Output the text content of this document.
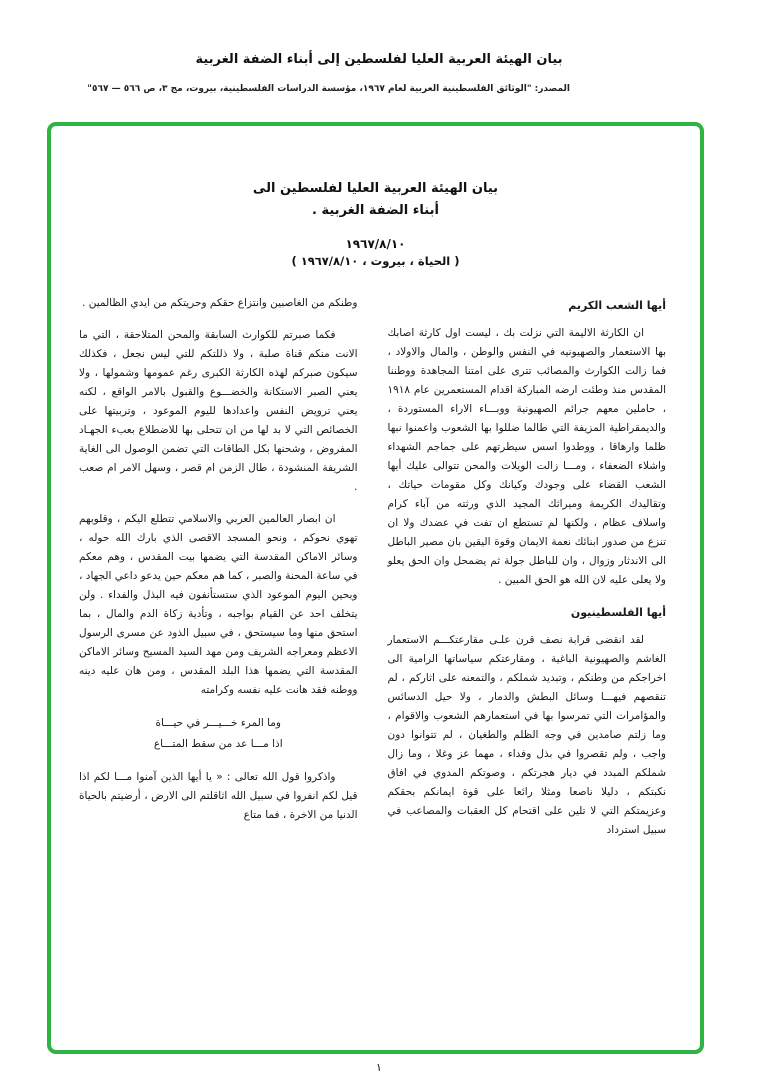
بيان الهيئة العربية العليا لفلسطين إلى أبناء الضفة الغربية
المصدر: "الوثائق الفلسطينية العربية لعام ١٩٦٧، مؤسسة الدراسات الفلسطينية، بيروت، مج ٣، ص ٥٦٦ — ٥٦٧"
بيان الهيئة العربية العليا لفلسطين الى
أبناء الضفة الغربية .
١٩٦٧/٨/١٠
( الحياة ، بيروت ، ١٩٦٧/٨/١٠ )
أيها الشعب الكريم

ان الكارثة الاليمة التي نزلت بك ، ليست اول كارثة اصابك بها الاستعمار والصهيونيه في النفس والوطن ، والمال والاولاد ، فما زالت الكوارث والمصائب تترى على امتنا المجاهدة ووطننا المقدس منذ وطئت ارضه المباركة اقدام المستعمرين عام ١٩١٨ ، حاملين معهم جرائم الصهيونية ووبـــاء الاراء المستوردة ، والديمقراطية المزيفة التي طالما ضللوا بها الشعوب واعمنوا نبها ظلما وارهاقا ، ووطدوا اسس سيطرتهم على جماجم الشهداء واشلاء الضعفاء ، ومـــا زالت الويلات والمحن تتوالى عليك أيها الشعب القضاء على وجودك وكيانك وكل مقومات حياتك ، وتقاليدك الكريمة وميراثك المجيد الذي ورثته من آباء كرام واسلاف عظام ، ولكنها لم تستطع ان تفت في عضدك ولا ان تنزع من صدور ابنائك نعمة الايمان وقوة اليقين بان مصير الباطل الى الاندثار وزوال ، وان للباطل جولة ثم يضمحل وان الحق يعلو ولا يعلى عليه لان الله هو الحق المبين .

أيها الفلسطينيون

لقد انقضى قرابة نصف قرن علـى مقارعتكـــم الاستعمار الغاشم والصهيونية الباغية ، ومقارعتكم سياساتها الرامية الى اخراجكم من وطنكم ، وتبديد شملكم ، والتمعنه على اثاركم ، لم تنقصهم فيهـــا وسائل البطش والدمار ، ولا حيل الدسائس والمؤامرات التي تمرسوا بها في استعمارهم الشعوب والاقوام ، وما زلتم صامدين في وجه الظلم والطغيان ، لم تتوانوا دون واجب ، ولم تقصروا في بذل وفداء ، مهما عز وغلا ، وما زال شملكم المبدد في ديار هجرتكم ، وصوتكم المدوي في افاق نكبتكم ، دليلا ناصعا ومثلا رائعا على قوة ايمانكم بحقكم وعزيمتكم التي لا تلين على اقتحام كل العقبات والمصاعب في سبيل استرداد

وطنكم من الغاصبين وانتزاع حقكم وحريتكم من ايدي الظالمين .

فكما صبرتم للكوارث السابقة والمحن المتلاحقة ، التي ما الانت منكم قناة صلبة ، ولا ذللتكم للتي ليس نجعل ، فكذلك سيكون صبركم لهذه الكارثة الكبرى رغم عمومها وشمولها ، ولا يعني الصبر الاستكانة والخضـــوع والقبول بالامر الواقع ، لكنه يعني ترويض النفس واعدادها لليوم الموعود ، وتربيتها على الخصائص التي لا بد لها من ان تتحلى بها للاضطلاع بعبء الجهـاد المفروض ، وشحنها بكل الطاقات التي تضمن الوصول الى الغاية الشريفة المنشودة ، طال الزمن ام قصر ، وسهل الامر ام صعب .

ان ابصار العالمين العربي والاسلامي تتطلع اليكم ، وقلوبهم تهوي نحوكم ، ونحو المسجد الاقصى الذي بارك الله حوله ، وسائر الاماكن المقدسة التي يضمها بيت المقدس ، وهم معكم في ساعة المحنة والصبر ، كما هم معكم حين يدعو داعي الجهاد ، وبحين اليوم الموعود الذي ستستأنفون فيه البذل والفداء . ولن يتخلف احد عن القيام بواجبه ، وتأدية زكاة الدم والمال ، بما استحق منها وما سيستحق ، في سبيل الذود عن مسرى الرسول الاعظم ومعراجه الشريف ومن مهد السيد المسيح وسائر الاماكن المقدسة التي يضمها هذا البلد المقدس ، ومن هان عليه دينه ووطنه فقد هانت عليه نفسه وكرامته

وما المرء خـــيـــر في حيـــاة
اذا مـــا عد من سقط المتـــاع

واذكروا قول الله تعالى : « يا أيها الذين آمنوا مـــا لكم اذا قيل لكم انفروا في سبيل الله اثاقلتم الى الارض ، أرضيتم بالحياة الدنيا من الاخرة ، فما متاع

١
